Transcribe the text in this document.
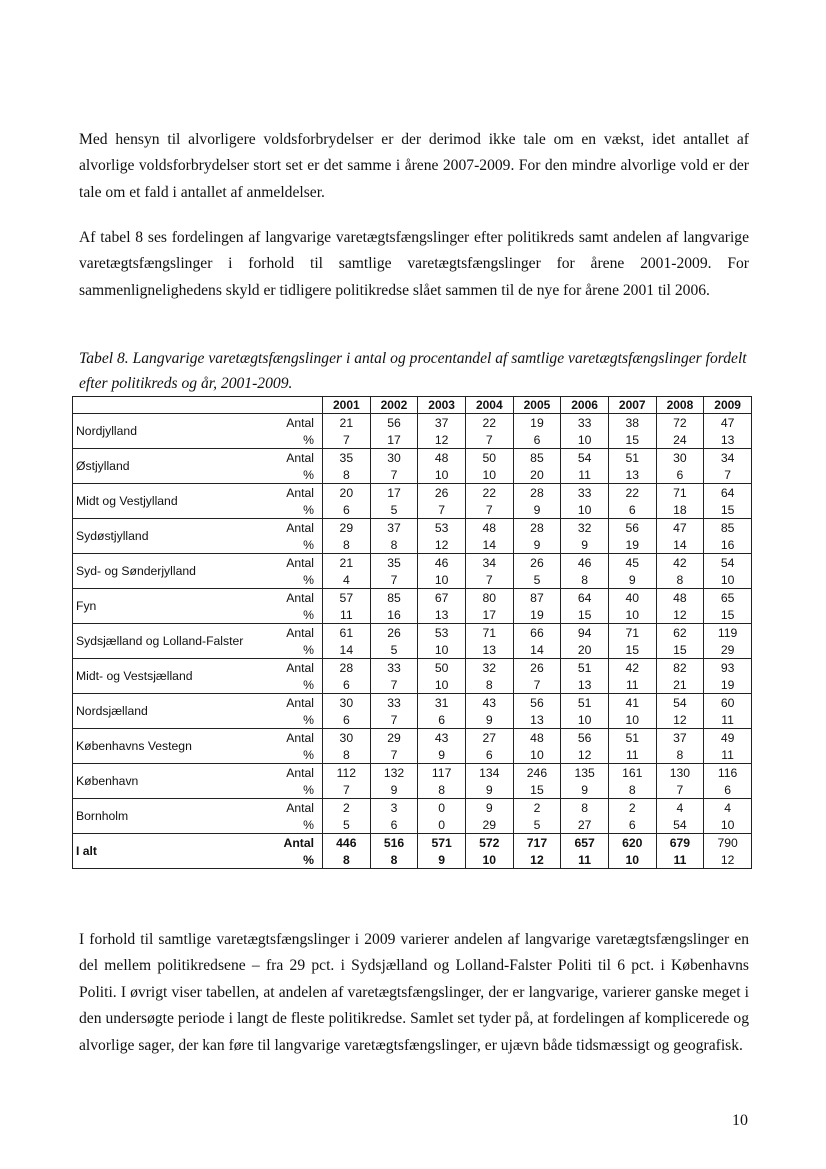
Med hensyn til alvorligere voldsforbrydelser er der derimod ikke tale om en vækst, idet antallet af alvorlige voldsforbrydelser stort set er det samme i årene 2007-2009. For den mindre alvorlige vold er der tale om et fald i antallet af anmeldelser.

Af tabel 8 ses fordelingen af langvarige varetægtsfængslinger efter politikreds samt andelen af langvarige varetægtsfængslinger i forhold til samtlige varetægtsfængslinger for årene 2001-2009. For sammenlignelighedens skyld er tidligere politikredse slået sammen til de nye for årene 2001 til 2006.

Tabel 8. Langvarige varetægtsfængslinger i antal og procentandel af samtlige varetægtsfængslinger fordelt efter politikreds og år, 2001-2009.

		2001	2002	2003	2004	2005	2006	2007	2008	2009
Nordjylland	Antal	21	56	37	22	19	33	38	72	47
	%	7	17	12	7	6	10	15	24	13
Østjylland	Antal	35	30	48	50	85	54	51	30	34
	%	8	7	10	10	20	11	13	6	7
Midt og Vestjylland	Antal	20	17	26	22	28	33	22	71	64
	%	6	5	7	7	9	10	6	18	15
Sydøstjylland	Antal	29	37	53	48	28	32	56	47	85
	%	8	8	12	14	9	9	19	14	16
Syd- og Sønderjylland	Antal	21	35	46	34	26	46	45	42	54
	%	4	7	10	7	5	8	9	8	10
Fyn	Antal	57	85	67	80	87	64	40	48	65
	%	11	16	13	17	19	15	10	12	15
Sydsjælland og Lolland-Falster	Antal	61	26	53	71	66	94	71	62	119
	%	14	5	10	13	14	20	15	15	29
Midt- og Vestsjælland	Antal	28	33	50	32	26	51	42	82	93
	%	6	7	10	8	7	13	11	21	19
Nordsjælland	Antal	30	33	31	43	56	51	41	54	60
	%	6	7	6	9	13	10	10	12	11
Københavns Vestegn	Antal	30	29	43	27	48	56	51	37	49
	%	8	7	9	6	10	12	11	8	11
København	Antal	112	132	117	134	246	135	161	130	116
	%	7	9	8	9	15	9	8	7	6
Bornholm	Antal	2	3	0	9	2	8	2	4	4
	%	5	6	0	29	5	27	6	54	10
I alt	Antal	446	516	571	572	717	657	620	679	790
	%	8	8	9	10	12	11	10	11	12

I forhold til samtlige varetægtsfængslinger i 2009 varierer andelen af langvarige varetægtsfængslinger en del mellem politikredsene – fra 29 pct. i Sydsjælland og Lolland-Falster Politi til 6 pct. i Københavns Politi. I øvrigt viser tabellen, at andelen af varetægtsfængslinger, der er langvarige, varierer ganske meget i den undersøgte periode i langt de fleste politikredse. Samlet set tyder på, at fordelingen af komplicerede og alvorlige sager, der kan føre til langvarige varetægtsfængslinger, er ujævn både tidsmæssigt og geografisk.

10
